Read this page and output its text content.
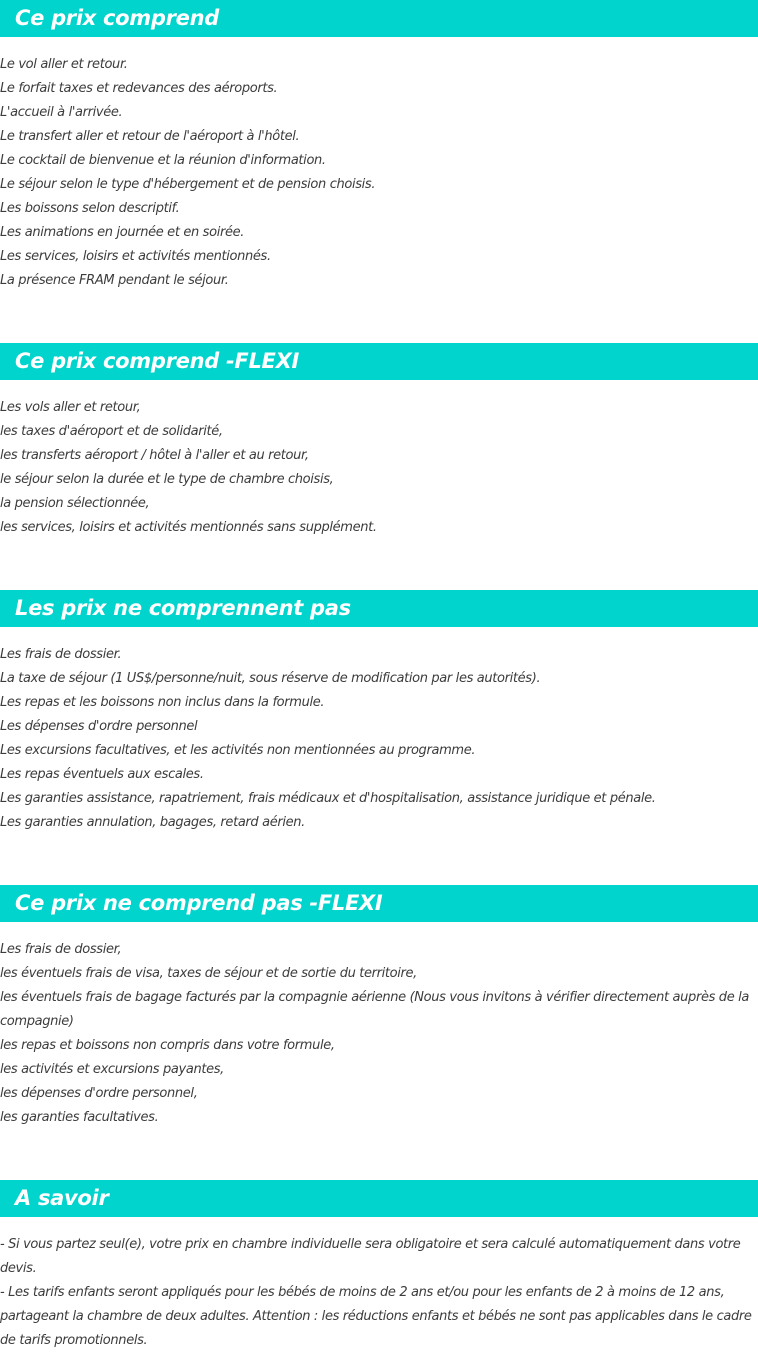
Ce prix comprend

Le vol aller et retour.

Le forfait taxes et redevances des aéroports.

L'accueil à l'arrivée.

Le transfert aller et retour de l'aéroport à l'hôtel.

Le cocktail de bienvenue et la réunion d'information.

Le séjour selon le type d'hébergement et de pension choisis.

Les boissons selon descriptif.

Les animations en journée et en soirée.

Les services, loisirs et activités mentionnés.

La présence FRAM pendant le séjour.

Ce prix comprend -FLEXI

Les vols aller et retour,

les taxes d'aéroport et de solidarité,

les transferts aéroport / hôtel à l'aller et au retour,

le séjour selon la durée et le type de chambre choisis,

la pension sélectionnée,

les services, loisirs et activités mentionnés sans supplément.

Les prix ne comprennent pas

Les frais de dossier.

La taxe de séjour (1 US$/personne/nuit, sous réserve de modification par les autorités).

Les repas et les boissons non inclus dans la formule.

Les dépenses d'ordre personnel

Les excursions facultatives, et les activités non mentionnées au programme.

Les repas éventuels aux escales.

Les garanties assistance, rapatriement, frais médicaux et d'hospitalisation, assistance juridique et pénale.

Les garanties annulation, bagages, retard aérien.

Ce prix ne comprend pas -FLEXI

Les frais de dossier,

les éventuels frais de visa, taxes de séjour et de sortie du territoire,

les éventuels frais de bagage facturés par la compagnie aérienne (Nous vous invitons à vérifier directement auprès de la

compagnie)

les repas et boissons non compris dans votre formule,

les activités et excursions payantes,

les dépenses d'ordre personnel,

les garanties facultatives.

A savoir

- Si vous partez seul(e), votre prix en chambre individuelle sera obligatoire et sera calculé automatiquement dans votre

devis.

- Les tarifs enfants seront appliqués pour les bébés de moins de 2 ans et/ou pour les enfants de 2 à moins de 12 ans,

partageant la chambre de deux adultes. Attention : les réductions enfants et bébés ne sont pas applicables dans le cadre

de tarifs promotionnels.
